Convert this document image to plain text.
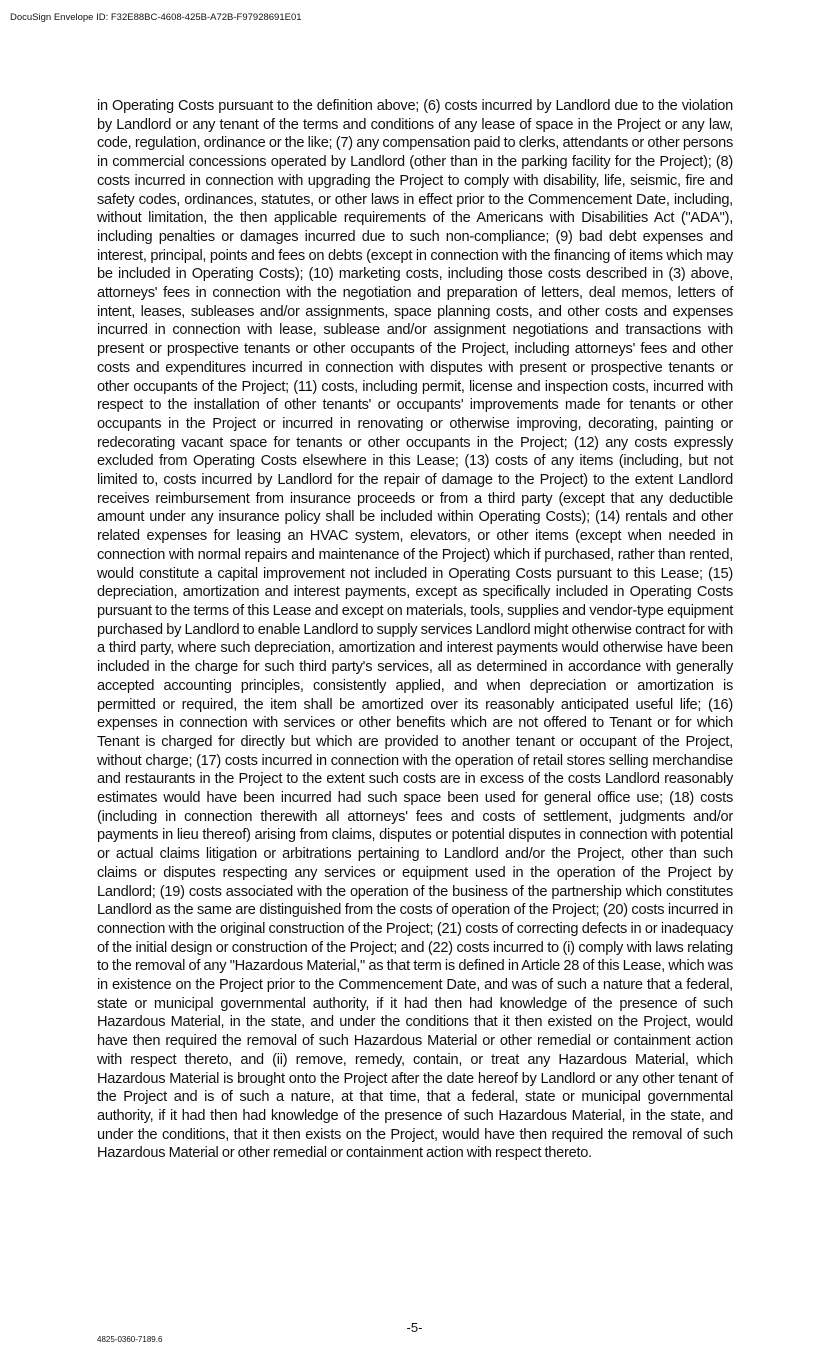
DocuSign Envelope ID: F32E88BC-4608-425B-A72B-F97928691E01

in Operating Costs pursuant to the definition above; (6) costs incurred by Landlord due to the violation by Landlord or any tenant of the terms and conditions of any lease of space in the Project or any law, code, regulation, ordinance or the like; (7) any compensation paid to clerks, attendants or other persons in commercial concessions operated by Landlord (other than in the parking facility for the Project); (8) costs incurred in connection with upgrading the Project to comply with disability, life, seismic, fire and safety codes, ordinances, statutes, or other laws in effect prior to the Commencement Date, including, without limitation, the then applicable requirements of the Americans with Disabilities Act ("ADA"), including penalties or damages incurred due to such non-compliance; (9) bad debt expenses and interest, principal, points and fees on debts (except in connection with the financing of items which may be included in Operating Costs); (10) marketing costs, including those costs described in (3) above, attorneys' fees in connection with the negotiation and preparation of letters, deal memos, letters of intent, leases, subleases and/or assignments, space planning costs, and other costs and expenses incurred in connection with lease, sublease and/or assignment negotiations and transactions with present or prospective tenants or other occupants of the Project, including attorneys' fees and other costs and expenditures incurred in connection with disputes with present or prospective tenants or other occupants of the Project; (11) costs, including permit, license and inspection costs, incurred with respect to the installation of other tenants' or occupants' improvements made for tenants or other occupants in the Project or incurred in renovating or otherwise improving, decorating, painting or redecorating vacant space for tenants or other occupants in the Project; (12) any costs expressly excluded from Operating Costs elsewhere in this Lease; (13) costs of any items (including, but not limited to, costs incurred by Landlord for the repair of damage to the Project) to the extent Landlord receives reimbursement from insurance proceeds or from a third party (except that any deductible amount under any insurance policy shall be included within Operating Costs); (14) rentals and other related expenses for leasing an HVAC system, elevators, or other items (except when needed in connection with normal repairs and maintenance of the Project) which if purchased, rather than rented, would constitute a capital improvement not included in Operating Costs pursuant to this Lease; (15) depreciation, amortization and interest payments, except as specifically included in Operating Costs pursuant to the terms of this Lease and except on materials, tools, supplies and vendor-type equipment purchased by Landlord to enable Landlord to supply services Landlord might otherwise contract for with a third party, where such depreciation, amortization and interest payments would otherwise have been included in the charge for such third party's services, all as determined in accordance with generally accepted accounting principles, consistently applied, and when depreciation or amortization is permitted or required, the item shall be amortized over its reasonably anticipated useful life; (16) expenses in connection with services or other benefits which are not offered to Tenant or for which Tenant is charged for directly but which are provided to another tenant or occupant of the Project, without charge; (17) costs incurred in connection with the operation of retail stores selling merchandise and restaurants in the Project to the extent such costs are in excess of the costs Landlord reasonably estimates would have been incurred had such space been used for general office use; (18) costs (including in connection therewith all attorneys' fees and costs of settlement, judgments and/or payments in lieu thereof) arising from claims, disputes or potential disputes in connection with potential or actual claims litigation or arbitrations pertaining to Landlord and/or the Project, other than such claims or disputes respecting any services or equipment used in the operation of the Project by Landlord; (19) costs associated with the operation of the business of the partnership which constitutes Landlord as the same are distinguished from the costs of operation of the Project; (20) costs incurred in connection with the original construction of the Project; (21) costs of correcting defects in or inadequacy of the initial design or construction of the Project; and (22) costs incurred to (i) comply with laws relating to the removal of any "Hazardous Material," as that term is defined in Article 28 of this Lease, which was in existence on the Project prior to the Commencement Date, and was of such a nature that a federal, state or municipal governmental authority, if it had then had knowledge of the presence of such Hazardous Material, in the state, and under the conditions that it then existed on the Project, would have then required the removal of such Hazardous Material or other remedial or containment action with respect thereto, and (ii) remove, remedy, contain, or treat any Hazardous Material, which Hazardous Material is brought onto the Project after the date hereof by Landlord or any other tenant of the Project and is of such a nature, at that time, that a federal, state or municipal governmental authority, if it had then had knowledge of the presence of such Hazardous Material, in the state, and under the conditions, that it then exists on the Project, would have then required the removal of such Hazardous Material or other remedial or containment action with respect thereto.

-5-
4825-0360-7189.6
